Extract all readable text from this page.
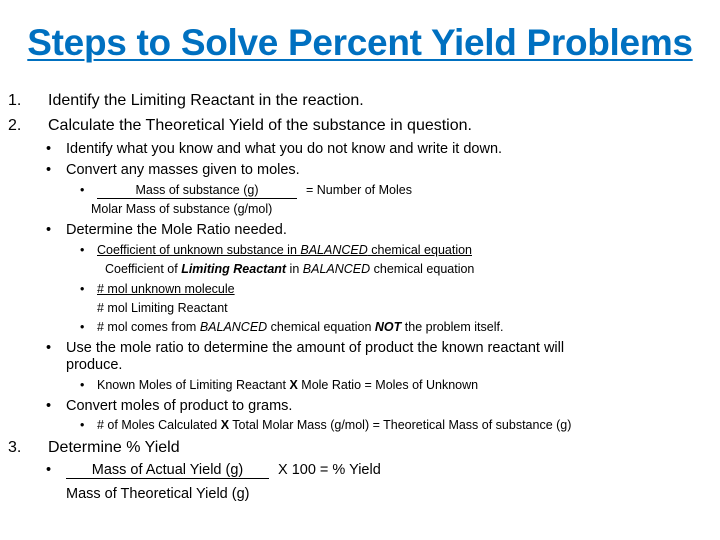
Steps to Solve Percent Yield Problems
1. Identify the Limiting Reactant in the reaction.
2. Calculate the Theoretical Yield of the substance in question.
• Identify what you know and what you do not know and write it down.
• Convert any masses given to moles.
•	Mass of substance (g)	= Number of Moles
Molar Mass of substance (g/mol)
• Determine the Mole Ratio needed.
• Coefficient of unknown substance in BALANCED chemical equation
Coefficient of Limiting Reactant in BALANCED chemical equation
• # mol unknown molecule
# mol Limiting Reactant
• # mol comes from BALANCED chemical equation NOT the problem itself.
• Use the mole ratio to determine the amount of product the known reactant will
produce.
• Known Moles of Limiting Reactant X Mole Ratio = Moles of Unknown
• Convert moles of product to grams.
• # of Moles Calculated X Total Molar Mass (g/mol) = Theoretical Mass of substance (g)
3. Determine % Yield
•	Mass of Actual Yield (g)	X 100 = % Yield
Mass of Theoretical Yield (g)
